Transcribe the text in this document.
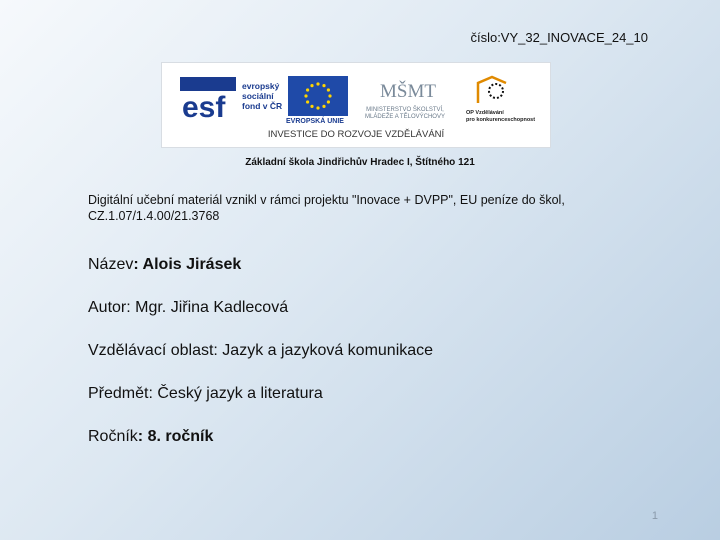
číslo:VY_32_INOVACE_24_10
esf
evropský
sociální
fond v ČR
EVROPSKÁ UNIE
MŠMT
MINISTERSTVO ŠKOLSTVÍ,
MLÁDEŽE A TĚLOVÝCHOVY
OP Vzdělávání
pro konkurenceschopnost
INVESTICE DO ROZVOJE VZDĚLÁVÁNÍ
Základní škola Jindřichův Hradec I, Štítného 121
Digitální učební materiál vznikl v rámci projektu "Inovace + DVPP", EU peníze do škol,
CZ.1.07/1.4.00/21.3768
Název: Alois Jirásek
Autor: Mgr. Jiřina Kadlecová
Vzdělávací oblast: Jazyk a jazyková komunikace
Předmět: Český jazyk a literatura
Ročník: 8. ročník
1
